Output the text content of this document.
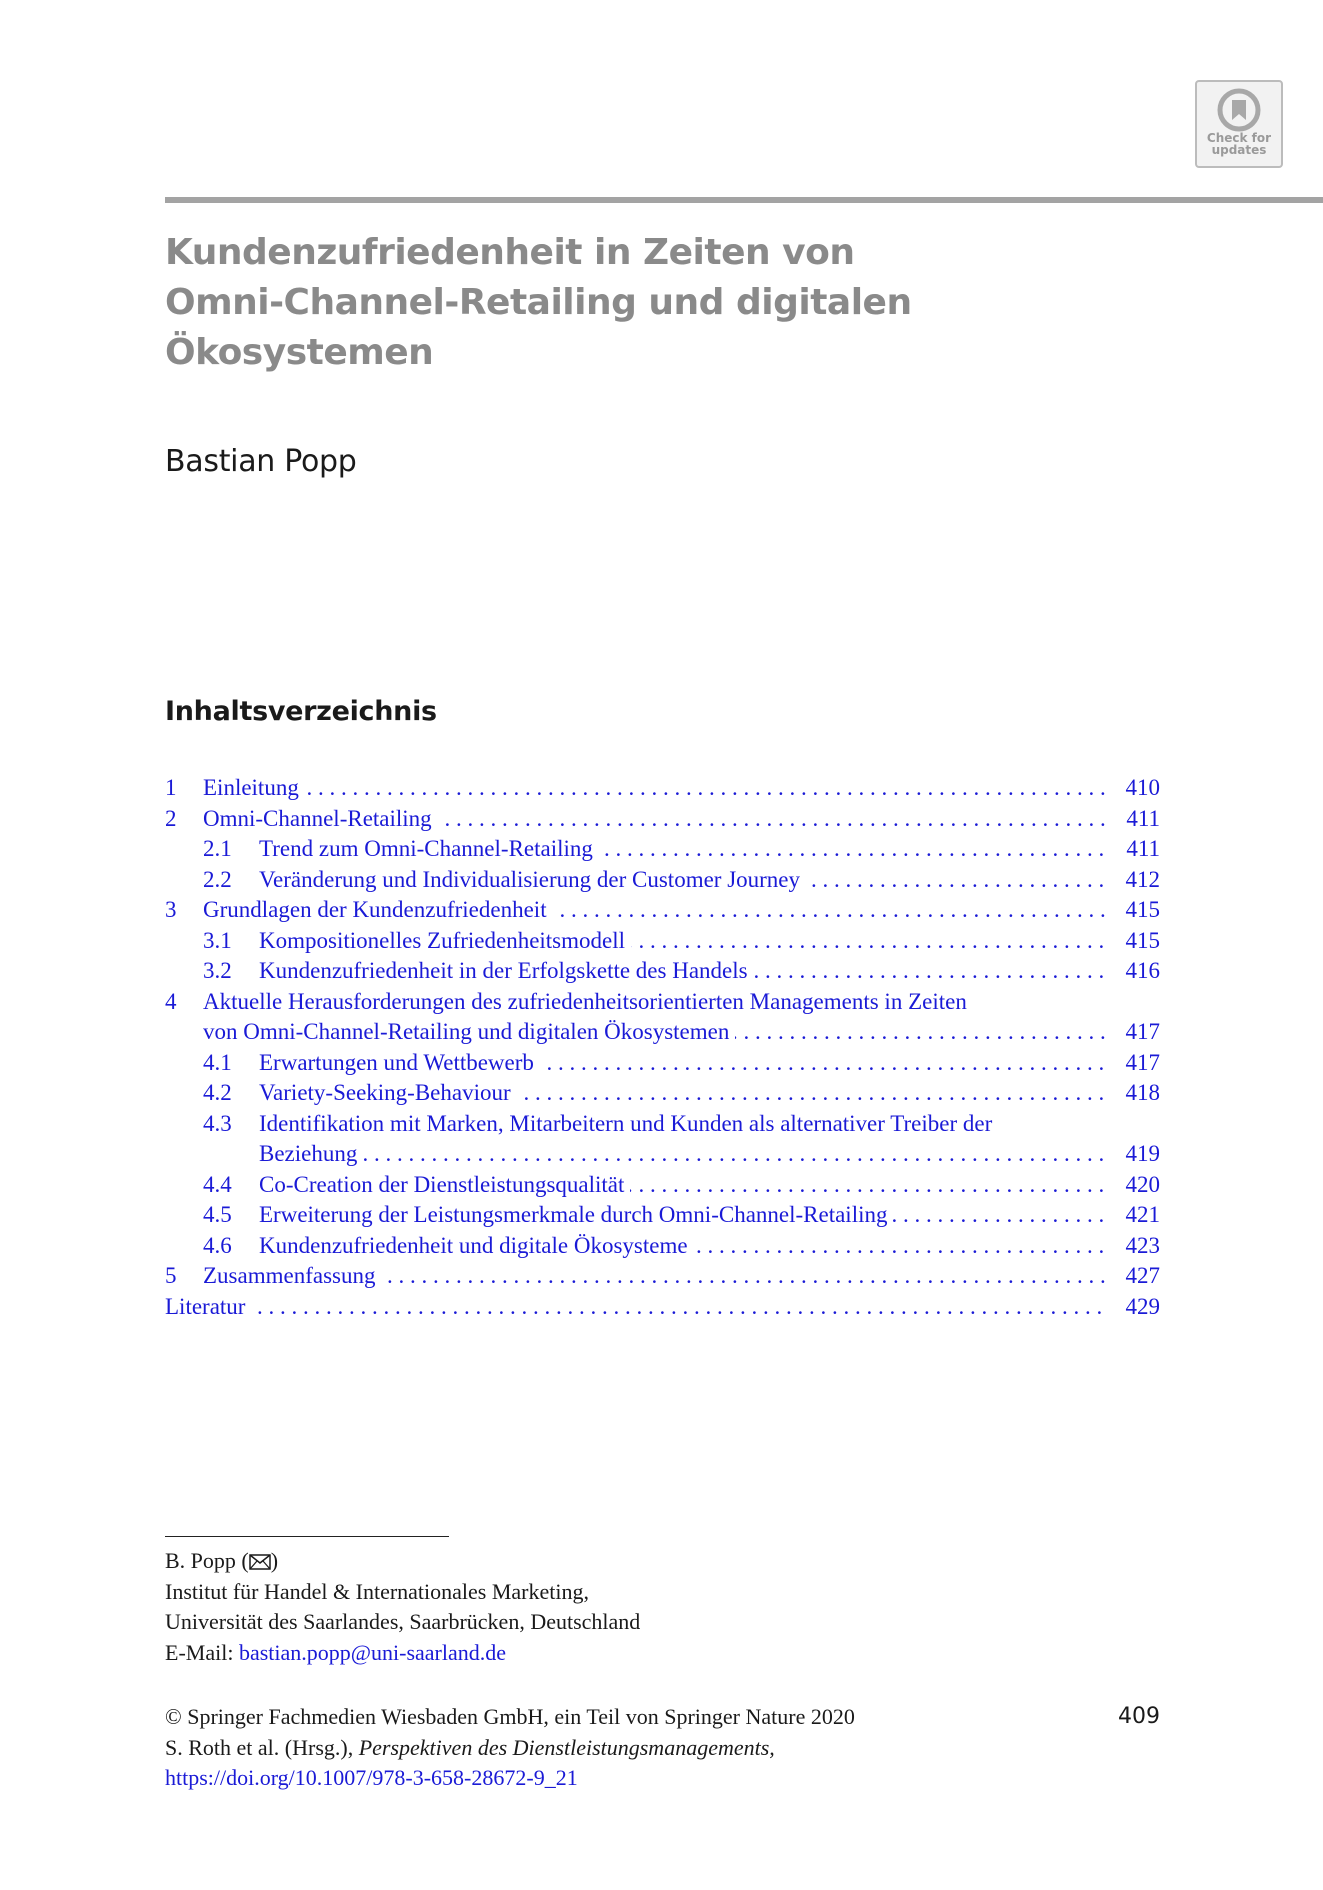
Check for
updates
Kundenzufriedenheit in Zeiten von
Omni-Channel-Retailing und digitalen
Ökosystemen
Bastian Popp
Inhaltsverzeichnis
1 Einleitung . . .	410
2 Omni-Channel-Retailing . . .	411
2.1 Trend zum Omni-Channel-Retailing . . .	411
2.2 Veränderung und Individualisierung der Customer Journey . . .	412
3 Grundlagen der Kundenzufriedenheit . . .	415
3.1 Kompositionelles Zufriedenheitsmodell . . .	415
3.2 Kundenzufriedenheit in der Erfolgskette des Handels . . .	416
4 Aktuelle Herausforderungen des zufriedenheitsorientierten Managements in Zeiten
von Omni-Channel-Retailing und digitalen Ökosystemen . . .	417
4.1 Erwartungen und Wettbewerb . . .	417
4.2 Variety-Seeking-Behaviour . . .	418
4.3 Identifikation mit Marken, Mitarbeitern und Kunden als alternativer Treiber der
Beziehung . . .	419
4.4 Co-Creation der Dienstleistungsqualität . . .	420
4.5 Erweiterung der Leistungsmerkmale durch Omni-Channel-Retailing . . .	421
4.6 Kundenzufriedenheit und digitale Ökosysteme . . .	423
5 Zusammenfassung . . .	427
Literatur . . .	429
B. Popp ( )
Institut für Handel & Internationales Marketing,
Universität des Saarlandes, Saarbrücken, Deutschland
E-Mail: bastian.popp@uni-saarland.de
© Springer Fachmedien Wiesbaden GmbH, ein Teil von Springer Nature 2020
S. Roth et al. (Hrsg.), Perspektiven des Dienstleistungsmanagements,
https://doi.org/10.1007/978-3-658-28672-9_21
409
